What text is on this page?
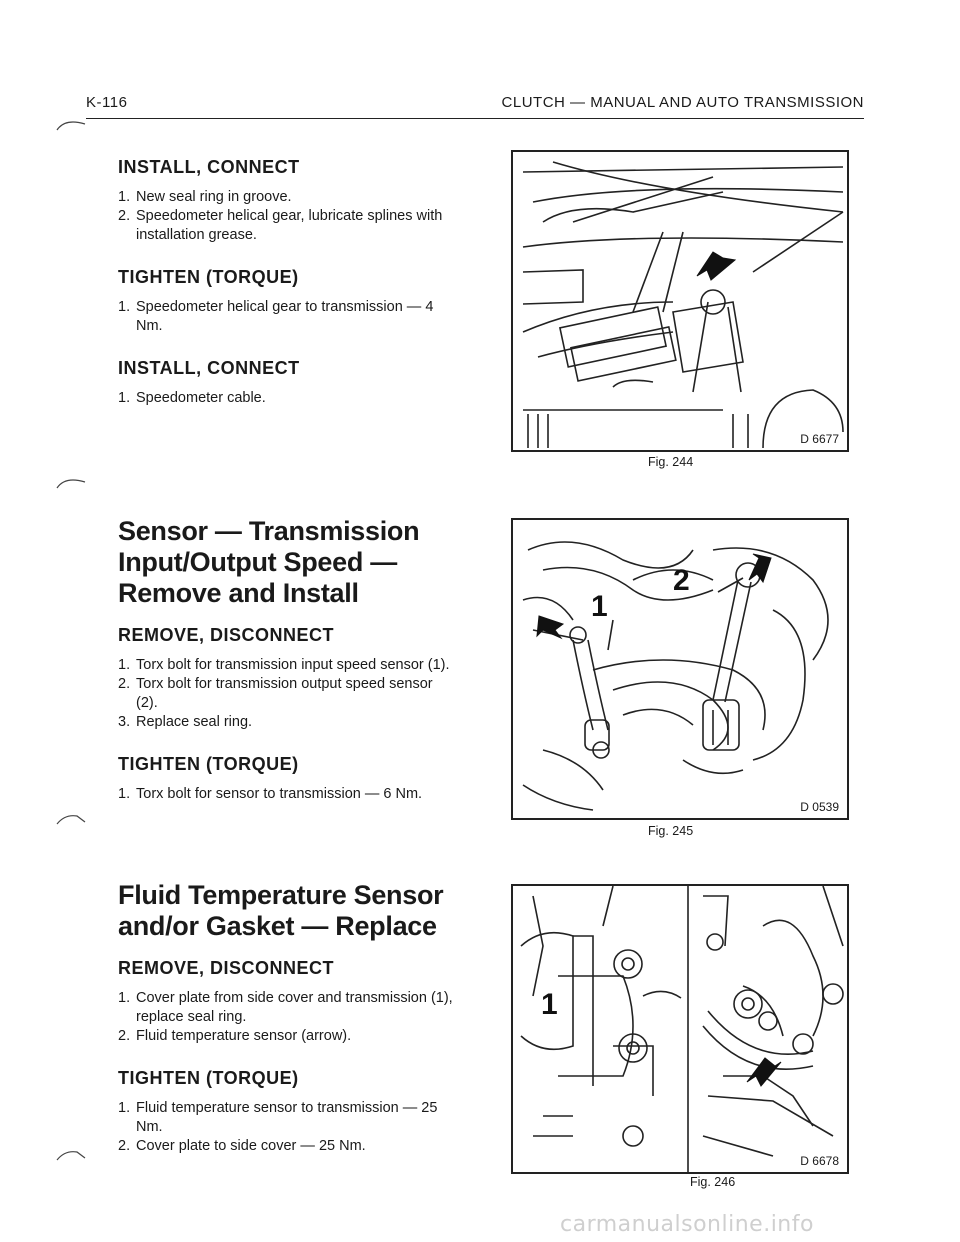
K-116	CLUTCH — MANUAL AND AUTO TRANSMISSION
INSTALL, CONNECT
1. New seal ring in groove.
2. Speedometer helical gear, lubricate splines with installation grease.
TIGHTEN (TORQUE)
1. Speedometer helical gear to transmission — 4 Nm.
INSTALL, CONNECT
1. Speedometer cable.
Sensor — Transmission Input/Output Speed — Remove and Install
REMOVE, DISCONNECT
1. Torx bolt for transmission input speed sensor (1).
2. Torx bolt for transmission output speed sensor (2).
3. Replace seal ring.
TIGHTEN (TORQUE)
1. Torx bolt for sensor to transmission — 6 Nm.
Fluid Temperature Sensor and/or Gasket — Replace
REMOVE, DISCONNECT
1. Cover plate from side cover and transmission (1), replace seal ring.
2. Fluid temperature sensor (arrow).
TIGHTEN (TORQUE)
1. Fluid temperature sensor to transmission — 25 Nm.
2. Cover plate to side cover — 25 Nm.
D 6677
Fig. 244
1
2
D 0539
Fig. 245
1
D 6678
Fig. 246
carmanualsonline.info
